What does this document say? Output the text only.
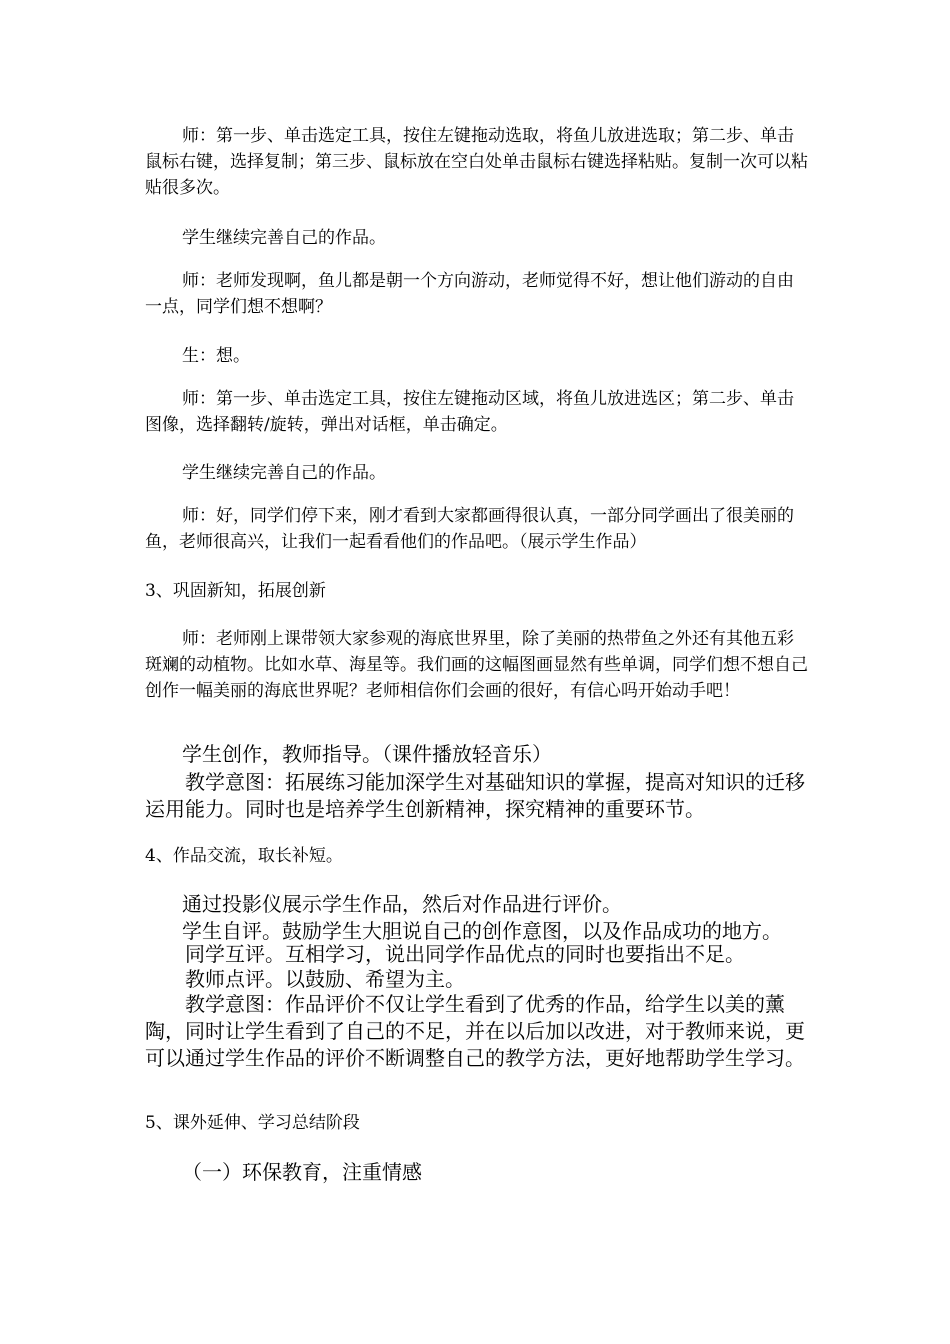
师：第一步、单击选定工具，按住左键拖动选取，将鱼儿放进选取；第二步、单击鼠标右键，选择复制；第三步、鼠标放在空白处单击鼠标右键选择粘贴。复制一次可以粘贴很多次。

学生继续完善自己的作品。

师：老师发现啊，鱼儿都是朝一个方向游动，老师觉得不好，想让他们游动的自由一点，同学们想不想啊？

生：想。

师：第一步、单击选定工具，按住左键拖动区域，将鱼儿放进选区；第二步、单击图像，选择翻转/旋转，弹出对话框，单击确定。

学生继续完善自己的作品。

师：好，同学们停下来，刚才看到大家都画得很认真，一部分同学画出了很美丽的鱼，老师很高兴，让我们一起看看他们的作品吧。（展示学生作品）

3、巩固新知，拓展创新

师：老师刚上课带领大家参观的海底世界里，除了美丽的热带鱼之外还有其他五彩斑斓的动植物。比如水草、海星等。我们画的这幅图画显然有些单调，同学们想不想自己创作一幅美丽的海底世界呢？老师相信你们会画的很好，有信心吗开始动手吧！

学生创作，教师指导。（课件播放轻音乐）

教学意图：拓展练习能加深学生对基础知识的掌握，提高对知识的迁移运用能力。同时也是培养学生创新精神，探究精神的重要环节。

4、作品交流，取长补短。

通过投影仪展示学生作品，然后对作品进行评价。

学生自评。鼓励学生大胆说自己的创作意图，以及作品成功的地方。

同学互评。互相学习，说出同学作品优点的同时也要指出不足。

教师点评。以鼓励、希望为主。

教学意图：作品评价不仅让学生看到了优秀的作品，给学生以美的薰陶，同时让学生看到了自己的不足，并在以后加以改进，对于教师来说，更可以通过学生作品的评价不断调整自己的教学方法，更好地帮助学生学习。

5、课外延伸、学习总结阶段

（一）环保教育，注重情感
